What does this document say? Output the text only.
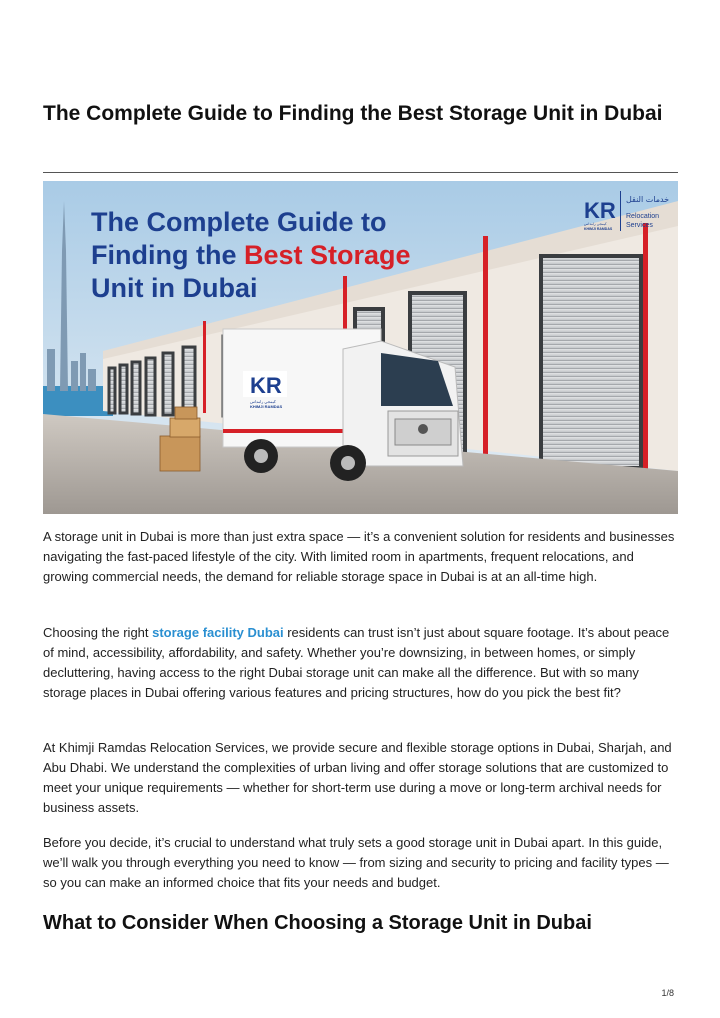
The Complete Guide to Finding the Best Storage Unit in Dubai
KR
كيمجي رامداس
KHIMJI RAMDAS
The Complete Guide to
Finding the Best Storage
Unit in Dubai
KR خدمات النقل
Relocation
Services
كيمجي رامداس
KHIMJI RAMDAS

A storage unit in Dubai is more than just extra space — it’s a convenient solution for residents and businesses navigating the fast-paced lifestyle of the city. With limited room in apartments, frequent relocations, and growing commercial needs, the demand for reliable storage space in Dubai is at an all-time high.

Choosing the right storage facility Dubai residents can trust isn’t just about square footage. It’s about peace of mind, accessibility, affordability, and safety. Whether you’re downsizing, in between homes, or simply decluttering, having access to the right Dubai storage unit can make all the difference. But with so many storage places in Dubai offering various features and pricing structures, how do you pick the best fit?

At Khimji Ramdas Relocation Services, we provide secure and flexible storage options in Dubai, Sharjah, and Abu Dhabi. We understand the complexities of urban living and offer storage solutions that are customized to meet your unique requirements — whether for short-term use during a move or long-term archival needs for business assets.

Before you decide, it’s crucial to understand what truly sets a good storage unit in Dubai apart. In this guide, we’ll walk you through everything you need to know — from sizing and security to pricing and facility types — so you can make an informed choice that fits your needs and budget.

What to Consider When Choosing a Storage Unit in Dubai
1/8
